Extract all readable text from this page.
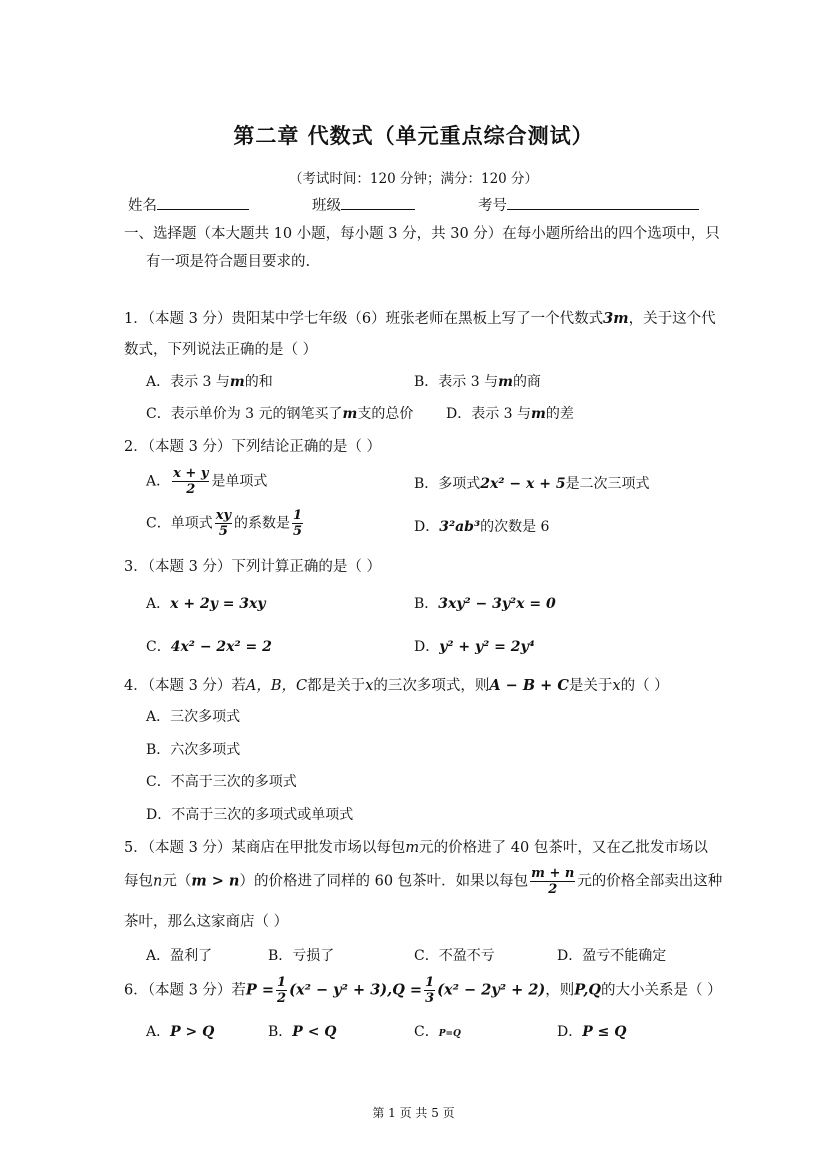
第二章 代数式（单元重点综合测试）
（考试时间：120 分钟；满分：120 分）
姓名	班级	考号
一、选择题（本大题共 10 小题，每小题 3 分，共 30 分）在每小题所给出的四个选项中，只
有一项是符合题目要求的.
1．（本题 3 分）贵阳某中学七年级（6）班张老师在黑板上写了一个代数式3m，关于这个代
数式，下列说法正确的是（ ）
A．表示 3 与m的和	B．表示 3 与m的商
C．表示单价为 3 元的钢笔买了m支的总价 D．表示 3 与m的差
2．（本题 3 分）下列结论正确的是（ ）
A． $\frac{x + y}{2}$ 是单项式	B．多项式2x² − x + 5是二次三项式
C．单项式 $\frac{xy}{5}$ 的系数是 $\frac{1}{5}$	D．3²ab³的次数是 6
3．（本题 3 分）下列计算正确的是（ ）
A．x + 2y = 3xy	B．3xy² − 3y²x = 0
C．4x² − 2x² = 2	D．y² + y² = 2y⁴
4．（本题 3 分）若A，B，C都是关于x的三次多项式，则A − B + C是关于x的（ ）
A．三次多项式
B．六次多项式
C．不高于三次的多项式
D．不高于三次的多项式或单项式
5．（本题 3 分）某商店在甲批发市场以每包m元的价格进了 40 包茶叶，又在乙批发市场以
每包n元（m > n）的价格进了同样的 60 包茶叶．如果以每包 $\frac{m + n}{2}$ 元的价格全部卖出这种
茶叶，那么这家商店（ ）
A．盈利了	B．亏损了	C．不盈不亏	D．盈亏不能确定
6．（本题 3 分）若$P = \frac{1}{2} (x^2 - y^2 + 3),Q = \frac{1}{3} (x^2 - 2y^2 + 2)$，则P,Q的大小关系是（ ）
A．P > Q	B．P < Q	C．P=Q	D．P ≤ Q
第 1 页 共 5 页
